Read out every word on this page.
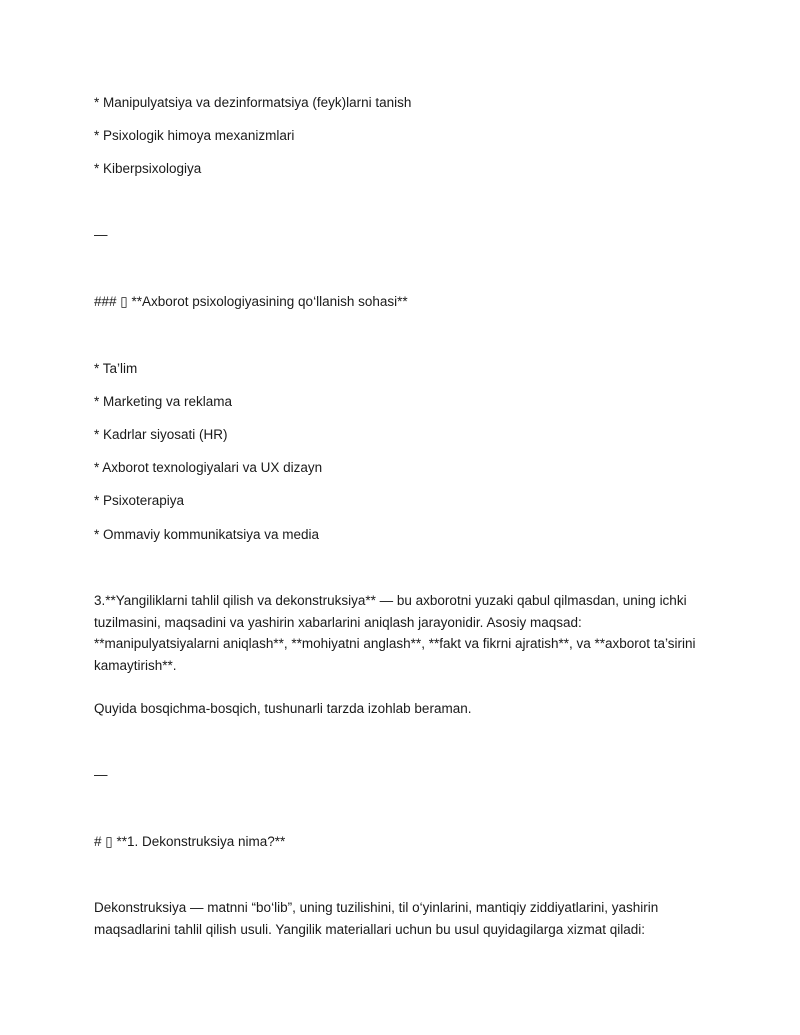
* Manipulyatsiya va dezinformatsiya (feyk)larni tanish

* Psixologik himoya mexanizmlari

* Kiberpsixologiya

—

### ▯ **Axborot psixologiyasining qo‘llanish sohasi**

* Ta’lim

* Marketing va reklama

* Kadrlar siyosati (HR)

* Axborot texnologiyalari va UX dizayn

* Psixoterapiya

* Ommaviy kommunikatsiya va media

3.**Yangiliklarni tahlil qilish va dekonstruksiya** — bu axborotni yuzaki qabul qilmasdan, uning ichki tuzilmasini, maqsadini va yashirin xabarlarini aniqlash jarayonidir. Asosiy maqsad: **manipulyatsiyalarni aniqlash**, **mohiyatni anglash**, **fakt va fikrni ajratish**, va **axborot ta’sirini kamaytirish**.

Quyida bosqichma-bosqich, tushunarli tarzda izohlab beraman.

—

# ▯ **1. Dekonstruksiya nima?**

Dekonstruksiya — matnni “bo‘lib”, uning tuzilishini, til o‘yinlarini, mantiqiy ziddiyatlarini, yashirin maqsadlarini tahlil qilish usuli. Yangilik materiallari uchun bu usul quyidagilarga xizmat qiladi:
